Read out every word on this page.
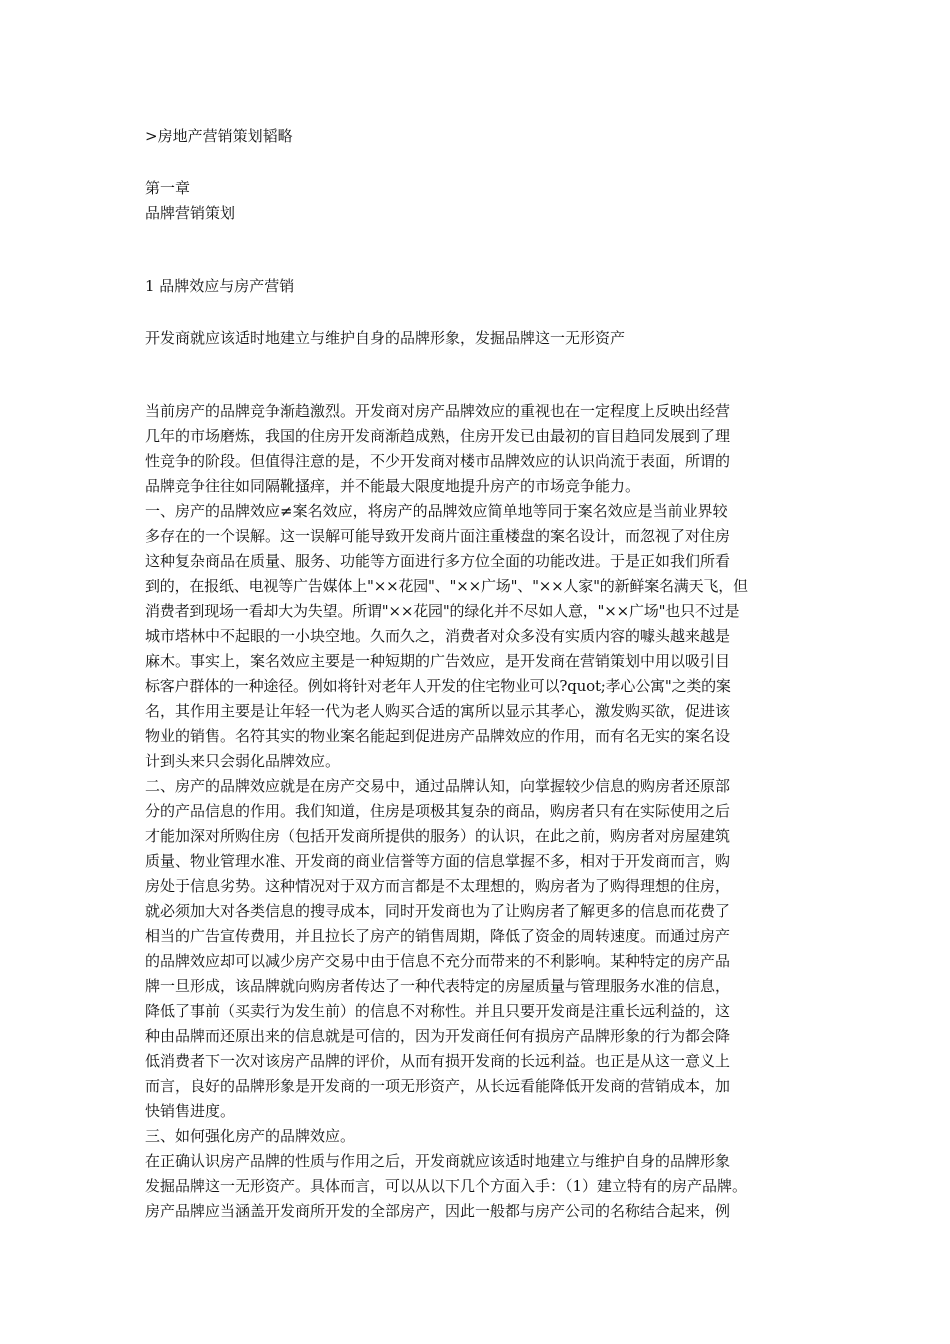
>房地产营销策划韬略
第一章
品牌营销策划
1 品牌效应与房产营销
开发商就应该适时地建立与维护自身的品牌形象，发掘品牌这一无形资产
当前房产的品牌竞争渐趋激烈。开发商对房产品牌效应的重视也在一定程度上反映出经营
几年的市场磨炼，我国的住房开发商渐趋成熟，住房开发已由最初的盲目趋同发展到了理
性竞争的阶段。但值得注意的是，不少开发商对楼市品牌效应的认识尚流于表面，所谓的
品牌竞争往往如同隔靴搔痒，并不能最大限度地提升房产的市场竞争能力。
一、房产的品牌效应≠案名效应，将房产的品牌效应简单地等同于案名效应是当前业界较
多存在的一个误解。这一误解可能导致开发商片面注重楼盘的案名设计，而忽视了对住房
这种复杂商品在质量、服务、功能等方面进行多方位全面的功能改进。于是正如我们所看
到的，在报纸、电视等广告媒体上"××花园"、"××广场"、"××人家"的新鲜案名满天飞，但
消费者到现场一看却大为失望。所谓"××花园"的绿化并不尽如人意，"××广场"也只不过是
城市塔林中不起眼的一小块空地。久而久之，消费者对众多没有实质内容的噱头越来越是
麻木。事实上，案名效应主要是一种短期的广告效应，是开发商在营销策划中用以吸引目
标客户群体的一种途径。例如将针对老年人开发的住宅物业可以?quot;孝心公寓"之类的案
名，其作用主要是让年轻一代为老人购买合适的寓所以显示其孝心，激发购买欲，促进该
物业的销售。名符其实的物业案名能起到促进房产品牌效应的作用，而有名无实的案名设
计到头来只会弱化品牌效应。
二、房产的品牌效应就是在房产交易中，通过品牌认知，向掌握较少信息的购房者还原部
分的产品信息的作用。我们知道，住房是项极其复杂的商品，购房者只有在实际使用之后
才能加深对所购住房（包括开发商所提供的服务）的认识，在此之前，购房者对房屋建筑
质量、物业管理水准、开发商的商业信誉等方面的信息掌握不多，相对于开发商而言，购
房处于信息劣势。这种情况对于双方而言都是不太理想的，购房者为了购得理想的住房，
就必须加大对各类信息的搜寻成本，同时开发商也为了让购房者了解更多的信息而花费了
相当的广告宣传费用，并且拉长了房产的销售周期，降低了资金的周转速度。而通过房产
的品牌效应却可以减少房产交易中由于信息不充分而带来的不利影响。某种特定的房产品
牌一旦形成，该品牌就向购房者传达了一种代表特定的房屋质量与管理服务水准的信息，
降低了事前（买卖行为发生前）的信息不对称性。并且只要开发商是注重长远利益的，这
种由品牌而还原出来的信息就是可信的，因为开发商任何有损房产品牌形象的行为都会降
低消费者下一次对该房产品牌的评价，从而有损开发商的长远利益。也正是从这一意义上
而言，良好的品牌形象是开发商的一项无形资产，从长远看能降低开发商的营销成本，加
快销售进度。
三、如何强化房产的品牌效应。
在正确认识房产品牌的性质与作用之后，开发商就应该适时地建立与维护自身的品牌形象
发掘品牌这一无形资产。具体而言，可以从以下几个方面入手：（1）建立特有的房产品牌。
房产品牌应当涵盖开发商所开发的全部房产，因此一般都与房产公司的名称结合起来，例
